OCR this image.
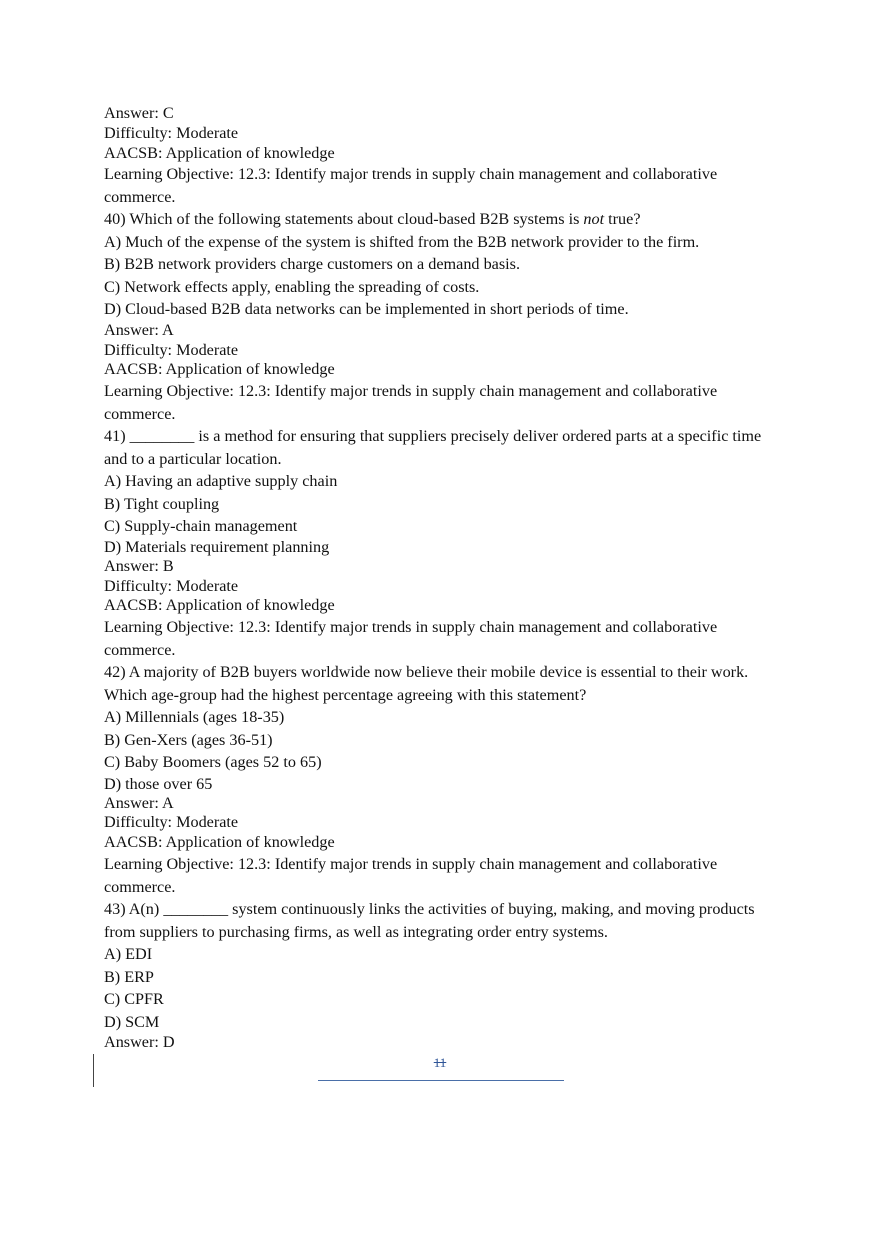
Answer: C
Difficulty: Moderate
AACSB: Application of knowledge
Learning Objective: 12.3: Identify major trends in supply chain management and collaborative commerce.
40) Which of the following statements about cloud-based B2B systems is not true?
A) Much of the expense of the system is shifted from the B2B network provider to the firm.
B) B2B network providers charge customers on a demand basis.
C) Network effects apply, enabling the spreading of costs.
D) Cloud-based B2B data networks can be implemented in short periods of time.
Answer: A
Difficulty: Moderate
AACSB: Application of knowledge
Learning Objective: 12.3: Identify major trends in supply chain management and collaborative commerce.
41) ________ is a method for ensuring that suppliers precisely deliver ordered parts at a specific time and to a particular location.
A) Having an adaptive supply chain
B) Tight coupling
C) Supply-chain management
D) Materials requirement planning
Answer: B
Difficulty: Moderate
AACSB: Application of knowledge
Learning Objective: 12.3: Identify major trends in supply chain management and collaborative commerce.
42) A majority of B2B buyers worldwide now believe their mobile device is essential to their work. Which age-group had the highest percentage agreeing with this statement?
A) Millennials (ages 18-35)
B) Gen-Xers (ages 36-51)
C) Baby Boomers (ages 52 to 65)
D) those over 65
Answer: A
Difficulty: Moderate
AACSB: Application of knowledge
Learning Objective: 12.3: Identify major trends in supply chain management and collaborative commerce.
43) A(n) ________ system continuously links the activities of buying, making, and moving products from suppliers to purchasing firms, as well as integrating order entry systems.
A) EDI
B) ERP
C) CPFR
D) SCM
Answer: D
11
